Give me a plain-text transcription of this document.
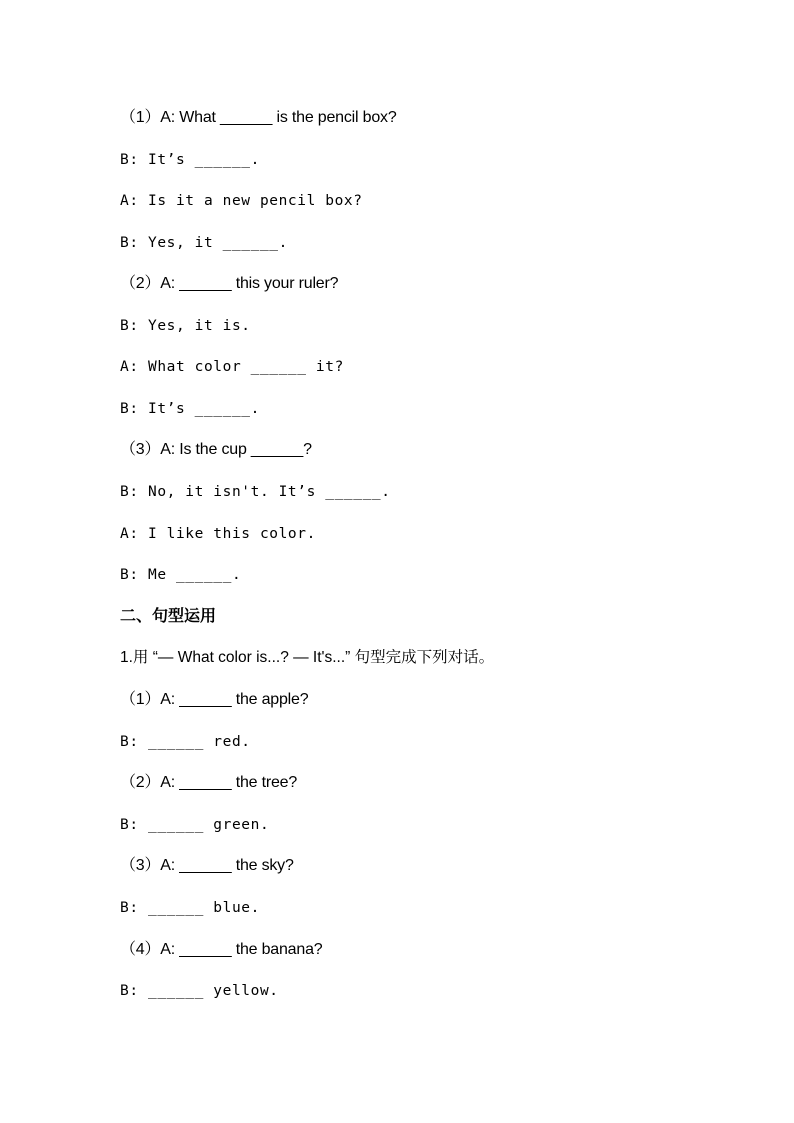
（1）A: What ______ is the pencil box?
B: It’s ______.
A: Is it a new pencil box?
B: Yes, it ______.
（2）A: ______ this your ruler?
B: Yes, it is.
A: What color ______ it?
B: It’s ______.
（3）A: Is the cup ______?
B: No, it isn't. It’s ______.
A: I like this color.
B: Me ______.
二、句型运用
1.用 “— What color is...? — It's...” 句型完成下列对话。
（1）A: ______ the apple?
B: ______ red.
（2）A: ______ the tree?
B: ______ green.
（3）A: ______ the sky?
B: ______ blue.
（4）A: ______ the banana?
B: ______ yellow.
